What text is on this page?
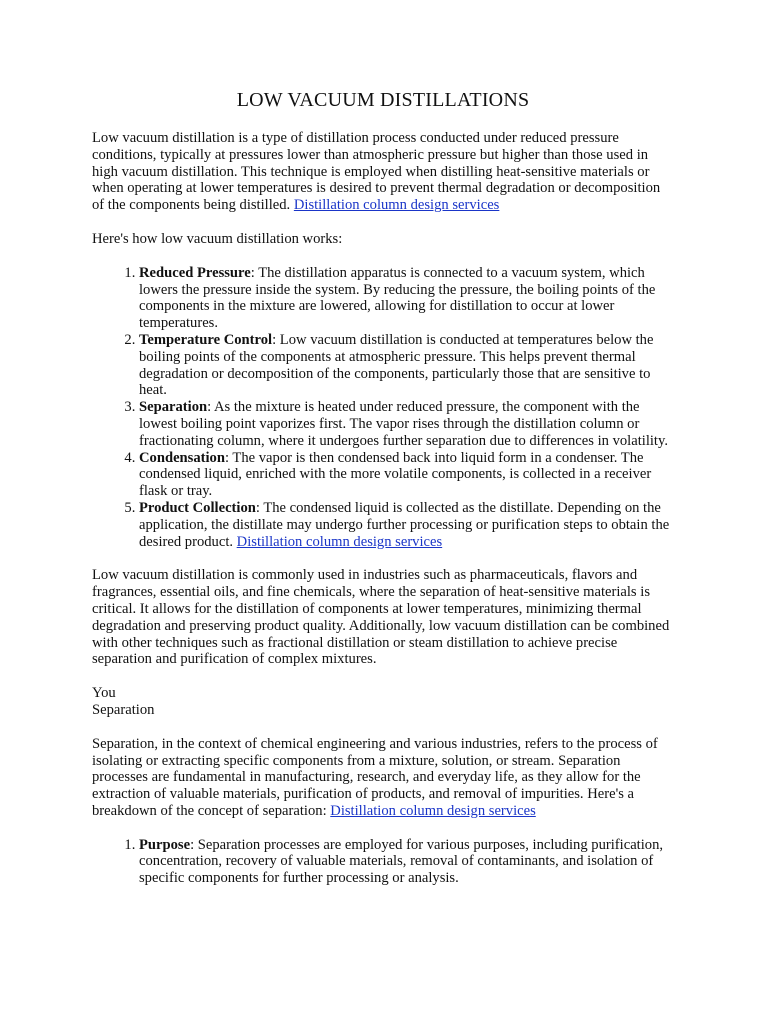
LOW VACUUM DISTILLATIONS

Low vacuum distillation is a type of distillation process conducted under reduced pressure conditions, typically at pressures lower than atmospheric pressure but higher than those used in high vacuum distillation. This technique is employed when distilling heat-sensitive materials or when operating at lower temperatures is desired to prevent thermal degradation or decomposition of the components being distilled. Distillation column design services

Here's how low vacuum distillation works:

1. Reduced Pressure: The distillation apparatus is connected to a vacuum system, which lowers the pressure inside the system. By reducing the pressure, the boiling points of the components in the mixture are lowered, allowing for distillation to occur at lower temperatures.
2. Temperature Control: Low vacuum distillation is conducted at temperatures below the boiling points of the components at atmospheric pressure. This helps prevent thermal degradation or decomposition of the components, particularly those that are sensitive to heat.
3. Separation: As the mixture is heated under reduced pressure, the component with the lowest boiling point vaporizes first. The vapor rises through the distillation column or fractionating column, where it undergoes further separation due to differences in volatility.
4. Condensation: The vapor is then condensed back into liquid form in a condenser. The condensed liquid, enriched with the more volatile components, is collected in a receiver flask or tray.
5. Product Collection: The condensed liquid is collected as the distillate. Depending on the application, the distillate may undergo further processing or purification steps to obtain the desired product. Distillation column design services

Low vacuum distillation is commonly used in industries such as pharmaceuticals, flavors and fragrances, essential oils, and fine chemicals, where the separation of heat-sensitive materials is critical. It allows for the distillation of components at lower temperatures, minimizing thermal degradation and preserving product quality. Additionally, low vacuum distillation can be combined with other techniques such as fractional distillation or steam distillation to achieve precise separation and purification of complex mixtures.

You
Separation

Separation, in the context of chemical engineering and various industries, refers to the process of isolating or extracting specific components from a mixture, solution, or stream. Separation processes are fundamental in manufacturing, research, and everyday life, as they allow for the extraction of valuable materials, purification of products, and removal of impurities. Here's a breakdown of the concept of separation: Distillation column design services

1. Purpose: Separation processes are employed for various purposes, including purification, concentration, recovery of valuable materials, removal of contaminants, and isolation of specific components for further processing or analysis.
